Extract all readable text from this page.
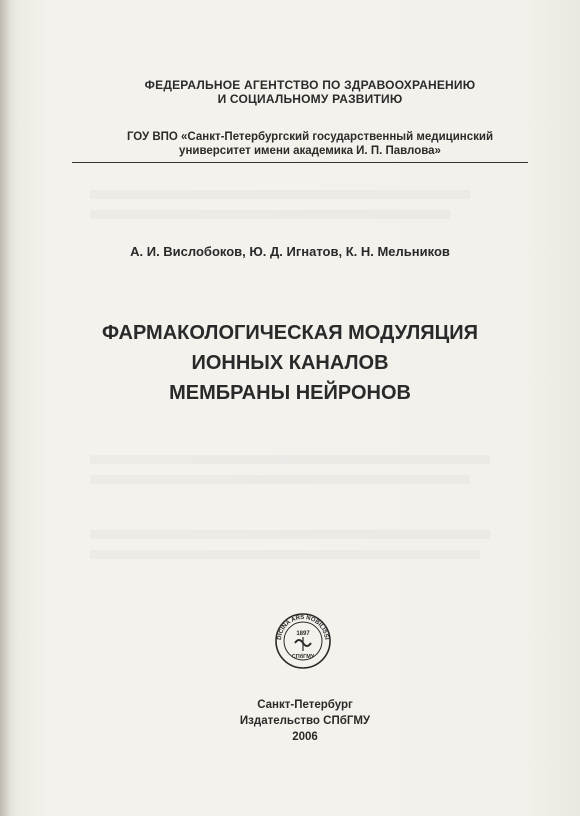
ФЕДЕРАЛЬНОЕ АГЕНТСТВО ПО ЗДРАВООХРАНЕНИЮ
И СОЦИАЛЬНОМУ РАЗВИТИЮ
ГОУ ВПО «Санкт-Петербургский государственный медицинский
университет имени академика И. П. Павлова»
А. И. Вислобоков, Ю. Д. Игнатов, К. Н. Мельников
ФАРМАКОЛОГИЧЕСКАЯ МОДУЛЯЦИЯ
ИОННЫХ КАНАЛОВ
МЕМБРАНЫ НЕЙРОНОВ
DICINA ARS NOBILISSI
1897
СПбГМУ
Санкт-Петербург
Издательство СПбГМУ
2006
